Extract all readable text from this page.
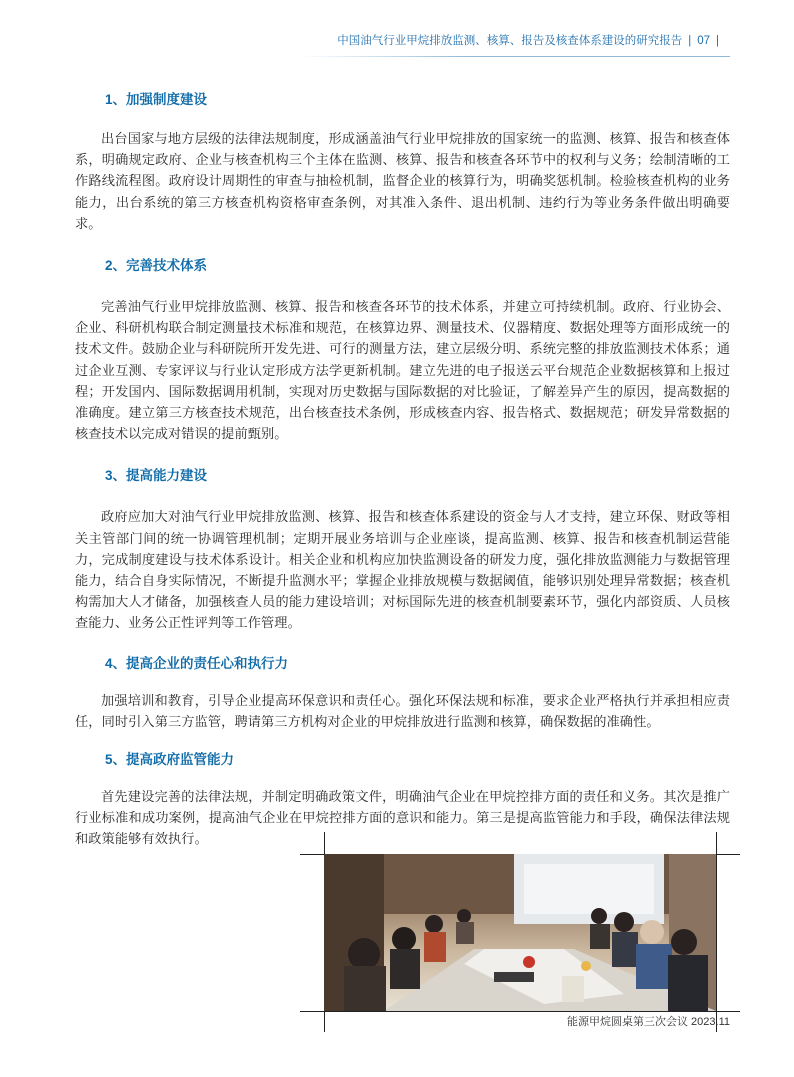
中国油气行业甲烷排放监测、核算、报告及核查体系建设的研究报告 | 07 |
1、加强制度建设

出台国家与地方层级的法律法规制度，形成涵盖油气行业甲烷排放的国家统一的监测、核算、报告和核查体系，明确规定政府、企业与核查机构三个主体在监测、核算、报告和核查各环节中的权利与义务；绘制清晰的工作路线流程图。政府设计周期性的审查与抽检机制，监督企业的核算行为，明确奖惩机制。检验核查机构的业务能力，出台系统的第三方核查机构资格审查条例，对其准入条件、退出机制、违约行为等业务条件做出明确要求。

2、完善技术体系

完善油气行业甲烷排放监测、核算、报告和核查各环节的技术体系，并建立可持续机制。政府、行业协会、企业、科研机构联合制定测量技术标准和规范，在核算边界、测量技术、仪器精度、数据处理等方面形成统一的技术文件。鼓励企业与科研院所开发先进、可行的测量方法，建立层级分明、系统完整的排放监测技术体系；通过企业互测、专家评议与行业认定形成方法学更新机制。建立先进的电子报送云平台规范企业数据核算和上报过程；开发国内、国际数据调用机制，实现对历史数据与国际数据的对比验证，了解差异产生的原因，提高数据的准确度。建立第三方核查技术规范，出台核查技术条例，形成核查内容、报告格式、数据规范；研发异常数据的核查技术以完成对错误的提前甄别。

3、提高能力建设

政府应加大对油气行业甲烷排放监测、核算、报告和核查体系建设的资金与人才支持，建立环保、财政等相关主管部门间的统一协调管理机制；定期开展业务培训与企业座谈，提高监测、核算、报告和核查机制运营能力，完成制度建设与技术体系设计。相关企业和机构应加快监测设备的研发力度，强化排放监测能力与数据管理能力，结合自身实际情况，不断提升监测水平；掌握企业排放规模与数据阈值，能够识别处理异常数据；核查机构需加大人才储备，加强核查人员的能力建设培训；对标国际先进的核查机制要素环节，强化内部资质、人员核查能力、业务公正性评判等工作管理。

4、提高企业的责任心和执行力

加强培训和教育，引导企业提高环保意识和责任心。强化环保法规和标准，要求企业严格执行并承担相应责任，同时引入第三方监管，聘请第三方机构对企业的甲烷排放进行监测和核算，确保数据的准确性。

5、提高政府监管能力

首先建设完善的法律法规，并制定明确政策文件，明确油气企业在甲烷控排方面的责任和义务。其次是推广行业标准和成功案例，提高油气企业在甲烷控排方面的意识和能力。第三是提高监管能力和手段，确保法律法规和政策能够有效执行。

能源甲烷圆桌第三次会议 2023.11
